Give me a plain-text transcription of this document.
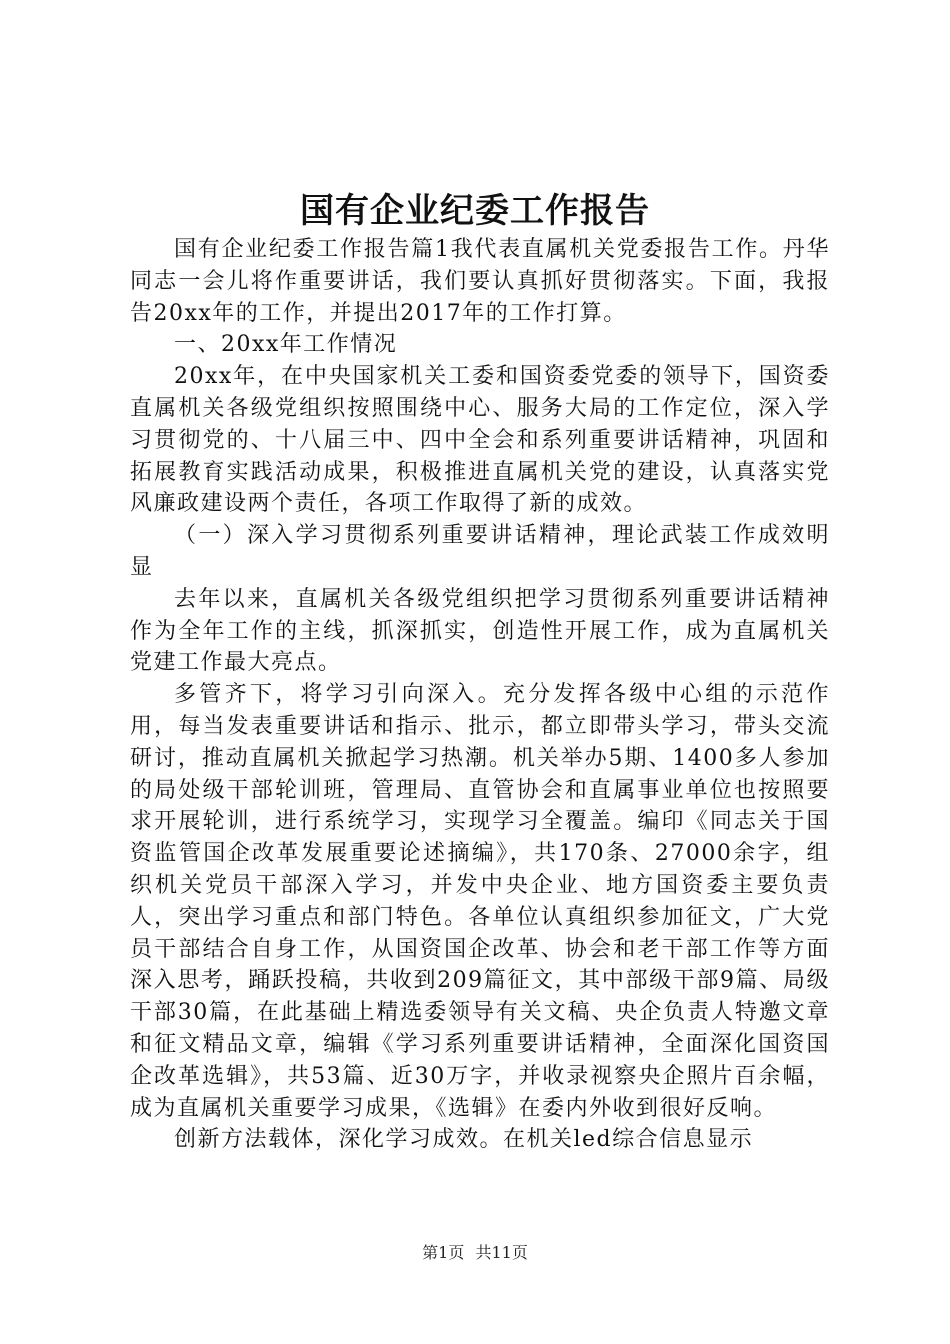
国有企业纪委工作报告

国有企业纪委工作报告篇1我代表直属机关党委报告工作。丹华同志一会儿将作重要讲话，我们要认真抓好贯彻落实。下面，我报告20xx年的工作，并提出2017年的工作打算。

一、20xx年工作情况

20xx年，在中央国家机关工委和国资委党委的领导下，国资委直属机关各级党组织按照围绕中心、服务大局的工作定位，深入学习贯彻党的、十八届三中、四中全会和系列重要讲话精神，巩固和拓展教育实践活动成果，积极推进直属机关党的建设，认真落实党风廉政建设两个责任，各项工作取得了新的成效。

（一）深入学习贯彻系列重要讲话精神，理论武装工作成效明显

去年以来，直属机关各级党组织把学习贯彻系列重要讲话精神作为全年工作的主线，抓深抓实，创造性开展工作，成为直属机关党建工作最大亮点。

多管齐下，将学习引向深入。充分发挥各级中心组的示范作用，每当发表重要讲话和指示、批示，都立即带头学习，带头交流研讨，推动直属机关掀起学习热潮。机关举办5期、1400多人参加的局处级干部轮训班，管理局、直管协会和直属事业单位也按照要求开展轮训，进行系统学习，实现学习全覆盖。编印《同志关于国资监管国企改革发展重要论述摘编》，共170条、27000余字，组织机关党员干部深入学习，并发中央企业、地方国资委主要负责人，突出学习重点和部门特色。各单位认真组织参加征文，广大党员干部结合自身工作，从国资国企改革、协会和老干部工作等方面深入思考，踊跃投稿，共收到209篇征文，其中部级干部9篇、局级干部30篇，在此基础上精选委领导有关文稿、央企负责人特邀文章和征文精品文章，编辑《学习系列重要讲话精神，全面深化国资国企改革选辑》，共53篇、近30万字，并收录视察央企照片百余幅，成为直属机关重要学习成果，《选辑》在委内外收到很好反响。

创新方法载体，深化学习成效。在机关led综合信息显示

第1页 共11页
